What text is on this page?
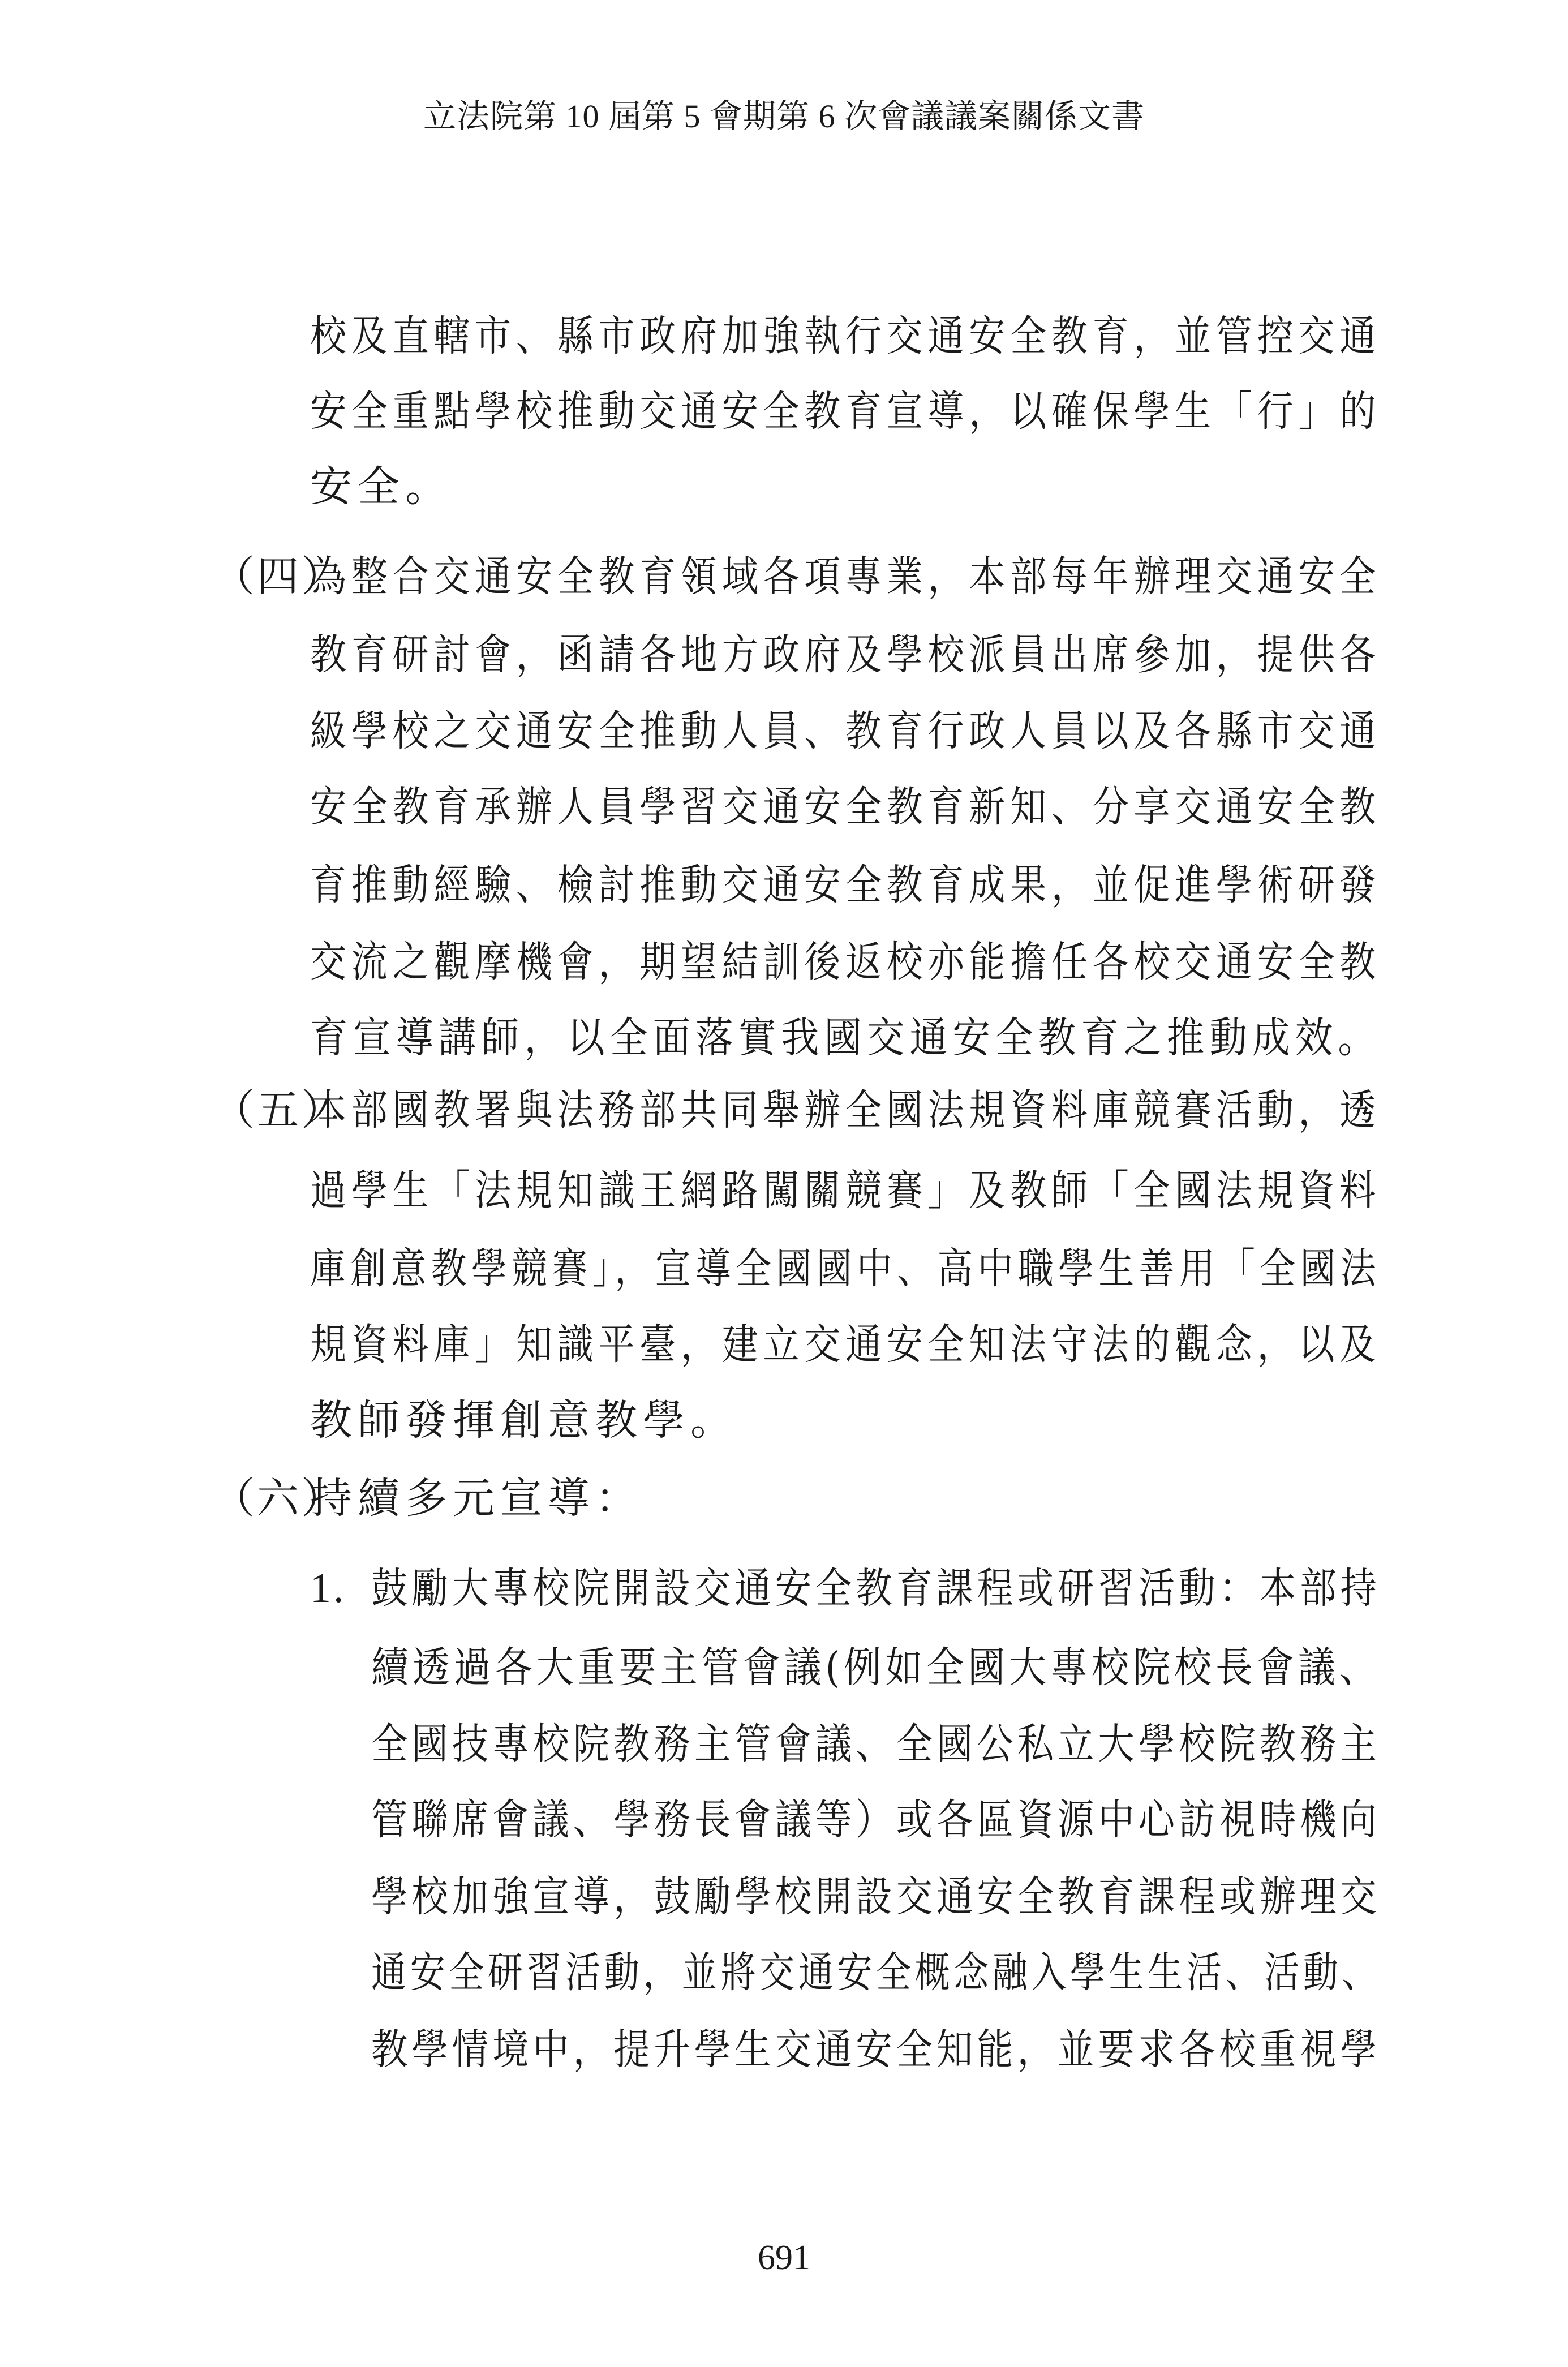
立法院第 10 屆第 5 會期第 6 次會議議案關係文書
校及直轄市、縣市政府加強執行交通安全教育，並管控交通
安全重點學校推動交通安全教育宣導，以確保學生「行」的
安全。
（四）
為整合交通安全教育領域各項專業，本部每年辦理交通安全
教育研討會，函請各地方政府及學校派員出席參加，提供各
級學校之交通安全推動人員、教育行政人員以及各縣市交通
安全教育承辦人員學習交通安全教育新知、分享交通安全教
育推動經驗、檢討推動交通安全教育成果，並促進學術研發
交流之觀摩機會，期望結訓後返校亦能擔任各校交通安全教
育宣導講師，以全面落實我國交通安全教育之推動成效。
（五）
本部國教署與法務部共同舉辦全國法規資料庫競賽活動，透
過學生「法規知識王網路闖關競賽」及教師「全國法規資料
庫創意教學競賽」，宣導全國國中、高中職學生善用「全國法
規資料庫」知識平臺，建立交通安全知法守法的觀念，以及
教師發揮創意教學。
（六）
持續多元宣導：
1. 鼓勵大專校院開設交通安全教育課程或研習活動：本部持
續透過各大重要主管會議(例如全國大專校院校長會議、
全國技專校院教務主管會議、全國公私立大學校院教務主
管聯席會議、學務長會議等）或各區資源中心訪視時機向
學校加強宣導，鼓勵學校開設交通安全教育課程或辦理交
通安全研習活動，並將交通安全概念融入學生生活、活動、
教學情境中，提升學生交通安全知能，並要求各校重視學
691
